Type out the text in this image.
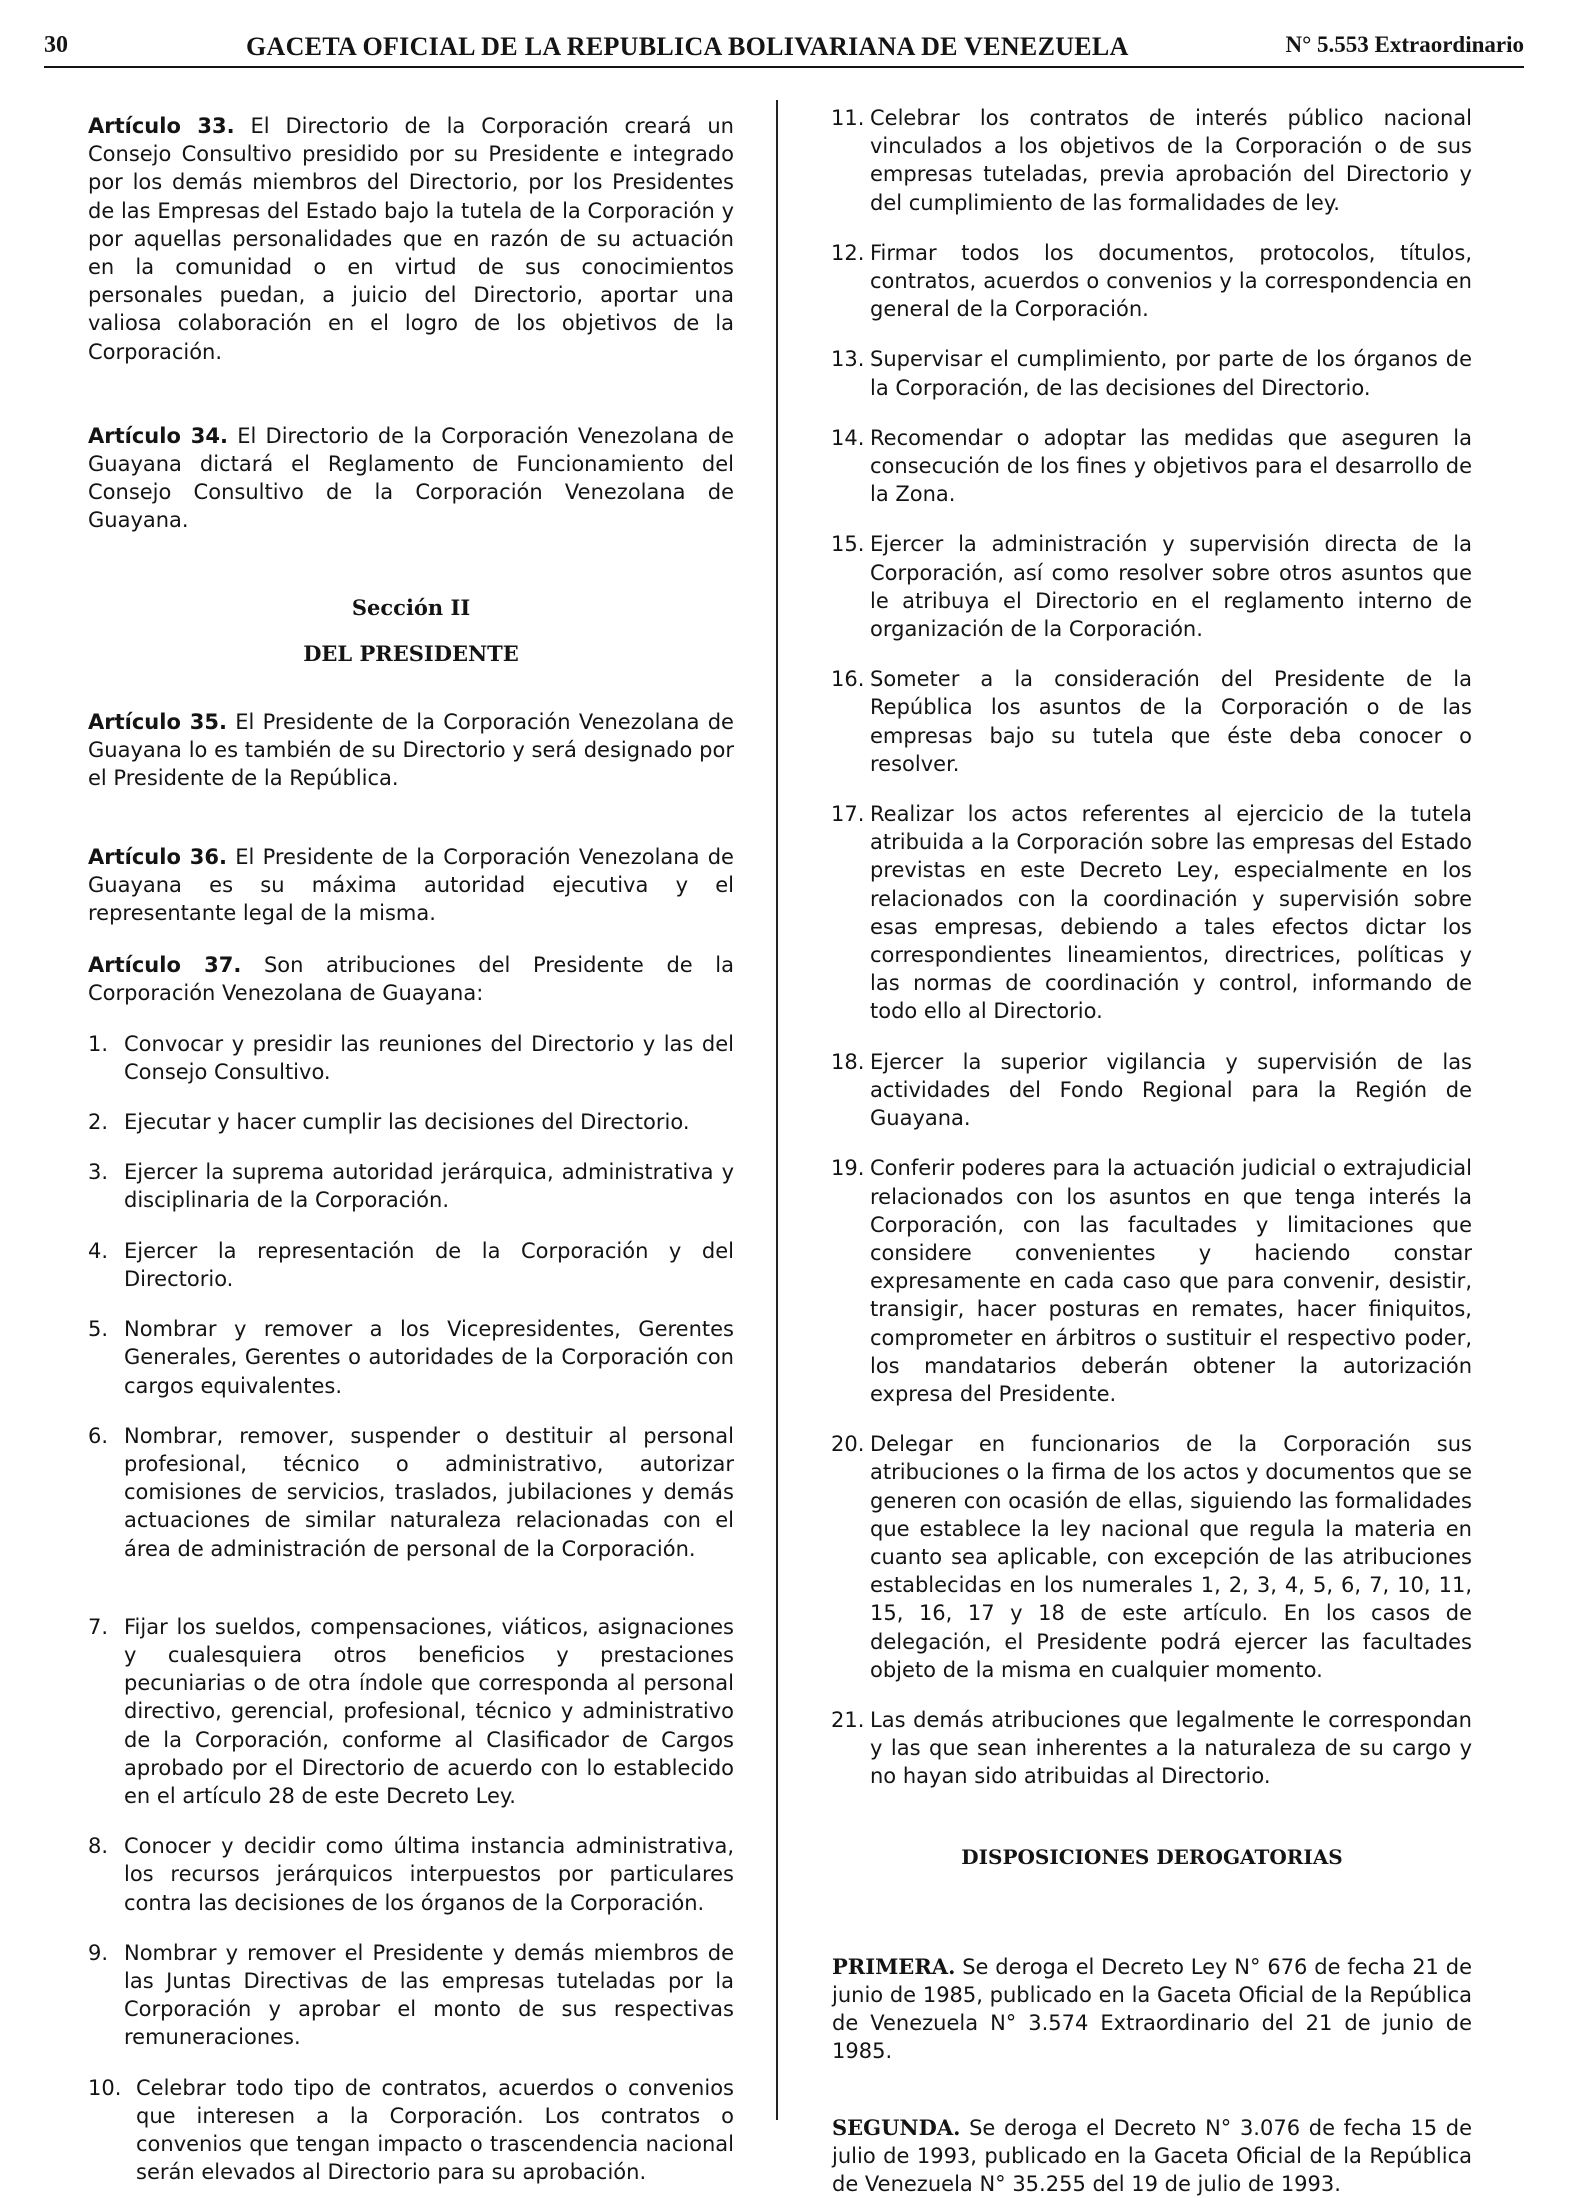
30	GACETA OFICIAL DE LA REPUBLICA BOLIVARIANA DE VENEZUELA	N° 5.553 Extraordinario

Artículo 33. El Directorio de la Corporación creará un Consejo Consultivo presidido por su Presidente e integrado por los demás miembros del Directorio, por los Presidentes de las Empresas del Estado bajo la tutela de la Corporación y por aquellas personalidades que en razón de su actuación en la comunidad o en virtud de sus conocimientos personales puedan, a juicio del Directorio, aportar una valiosa colaboración en el logro de los objetivos de la Corporación.

Artículo 34. El Directorio de la Corporación Venezolana de Guayana dictará el Reglamento de Funcionamiento del Consejo Consultivo de la Corporación Venezolana de Guayana.

Sección II

DEL PRESIDENTE

Artículo 35. El Presidente de la Corporación Venezolana de Guayana lo es también de su Directorio y será designado por el Presidente de la República.

Artículo 36. El Presidente de la Corporación Venezolana de Guayana es su máxima autoridad ejecutiva y el representante legal de la misma.

Artículo 37. Son atribuciones del Presidente de la Corporación Venezolana de Guayana:

1. Convocar y presidir las reuniones del Directorio y las del Consejo Consultivo.
2. Ejecutar y hacer cumplir las decisiones del Directorio.
3. Ejercer la suprema autoridad jerárquica, administrativa y disciplinaria de la Corporación.
4. Ejercer la representación de la Corporación y del Directorio.
5. Nombrar y remover a los Vicepresidentes, Gerentes Generales, Gerentes o autoridades de la Corporación con cargos equivalentes.
6. Nombrar, remover, suspender o destituir al personal profesional, técnico o administrativo, autorizar comisiones de servicios, traslados, jubilaciones y demás actuaciones de similar naturaleza relacionadas con el área de administración de personal de la Corporación.
7. Fijar los sueldos, compensaciones, viáticos, asignaciones y cualesquiera otros beneficios y prestaciones pecuniarias o de otra índole que corresponda al personal directivo, gerencial, profesional, técnico y administrativo de la Corporación, conforme al Clasificador de Cargos aprobado por el Directorio de acuerdo con lo establecido en el artículo 28 de este Decreto Ley.
8. Conocer y decidir como última instancia administrativa, los recursos jerárquicos interpuestos por particulares contra las decisiones de los órganos de la Corporación.
9. Nombrar y remover el Presidente y demás miembros de las Juntas Directivas de las empresas tuteladas por la Corporación y aprobar el monto de sus respectivas remuneraciones.
10. Celebrar todo tipo de contratos, acuerdos o convenios que interesen a la Corporación. Los contratos o convenios que tengan impacto o trascendencia nacional serán elevados al Directorio para su aprobación.
11. Celebrar los contratos de interés público nacional vinculados a los objetivos de la Corporación o de sus empresas tuteladas, previa aprobación del Directorio y del cumplimiento de las formalidades de ley.
12. Firmar todos los documentos, protocolos, títulos, contratos, acuerdos o convenios y la correspondencia en general de la Corporación.
13. Supervisar el cumplimiento, por parte de los órganos de la Corporación, de las decisiones del Directorio.
14. Recomendar o adoptar las medidas que aseguren la consecución de los fines y objetivos para el desarrollo de la Zona.
15. Ejercer la administración y supervisión directa de la Corporación, así como resolver sobre otros asuntos que le atribuya el Directorio en el reglamento interno de organización de la Corporación.
16. Someter a la consideración del Presidente de la República los asuntos de la Corporación o de las empresas bajo su tutela que éste deba conocer o resolver.
17. Realizar los actos referentes al ejercicio de la tutela atribuida a la Corporación sobre las empresas del Estado previstas en este Decreto Ley, especialmente en los relacionados con la coordinación y supervisión sobre esas empresas, debiendo a tales efectos dictar los correspondientes lineamientos, directrices, políticas y las normas de coordinación y control, informando de todo ello al Directorio.
18. Ejercer la superior vigilancia y supervisión de las actividades del Fondo Regional para la Región de Guayana.
19. Conferir poderes para la actuación judicial o extrajudicial relacionados con los asuntos en que tenga interés la Corporación, con las facultades y limitaciones que considere convenientes y haciendo constar expresamente en cada caso que para convenir, desistir, transigir, hacer posturas en remates, hacer finiquitos, comprometer en árbitros o sustituir el respectivo poder, los mandatarios deberán obtener la autorización expresa del Presidente.
20. Delegar en funcionarios de la Corporación sus atribuciones o la firma de los actos y documentos que se generen con ocasión de ellas, siguiendo las formalidades que establece la ley nacional que regula la materia en cuanto sea aplicable, con excepción de las atribuciones establecidas en los numerales 1, 2, 3, 4, 5, 6, 7, 10, 11, 15, 16, 17 y 18 de este artículo. En los casos de delegación, el Presidente podrá ejercer las facultades objeto de la misma en cualquier momento.
21. Las demás atribuciones que legalmente le correspondan y las que sean inherentes a la naturaleza de su cargo y no hayan sido atribuidas al Directorio.

DISPOSICIONES DEROGATORIAS

PRIMERA. Se deroga el Decreto Ley N° 676 de fecha 21 de junio de 1985, publicado en la Gaceta Oficial de la República de Venezuela N° 3.574 Extraordinario del 21 de junio de 1985.

SEGUNDA. Se deroga el Decreto N° 3.076 de fecha 15 de julio de 1993, publicado en la Gaceta Oficial de la República de Venezuela N° 35.255 del 19 de julio de 1993.
